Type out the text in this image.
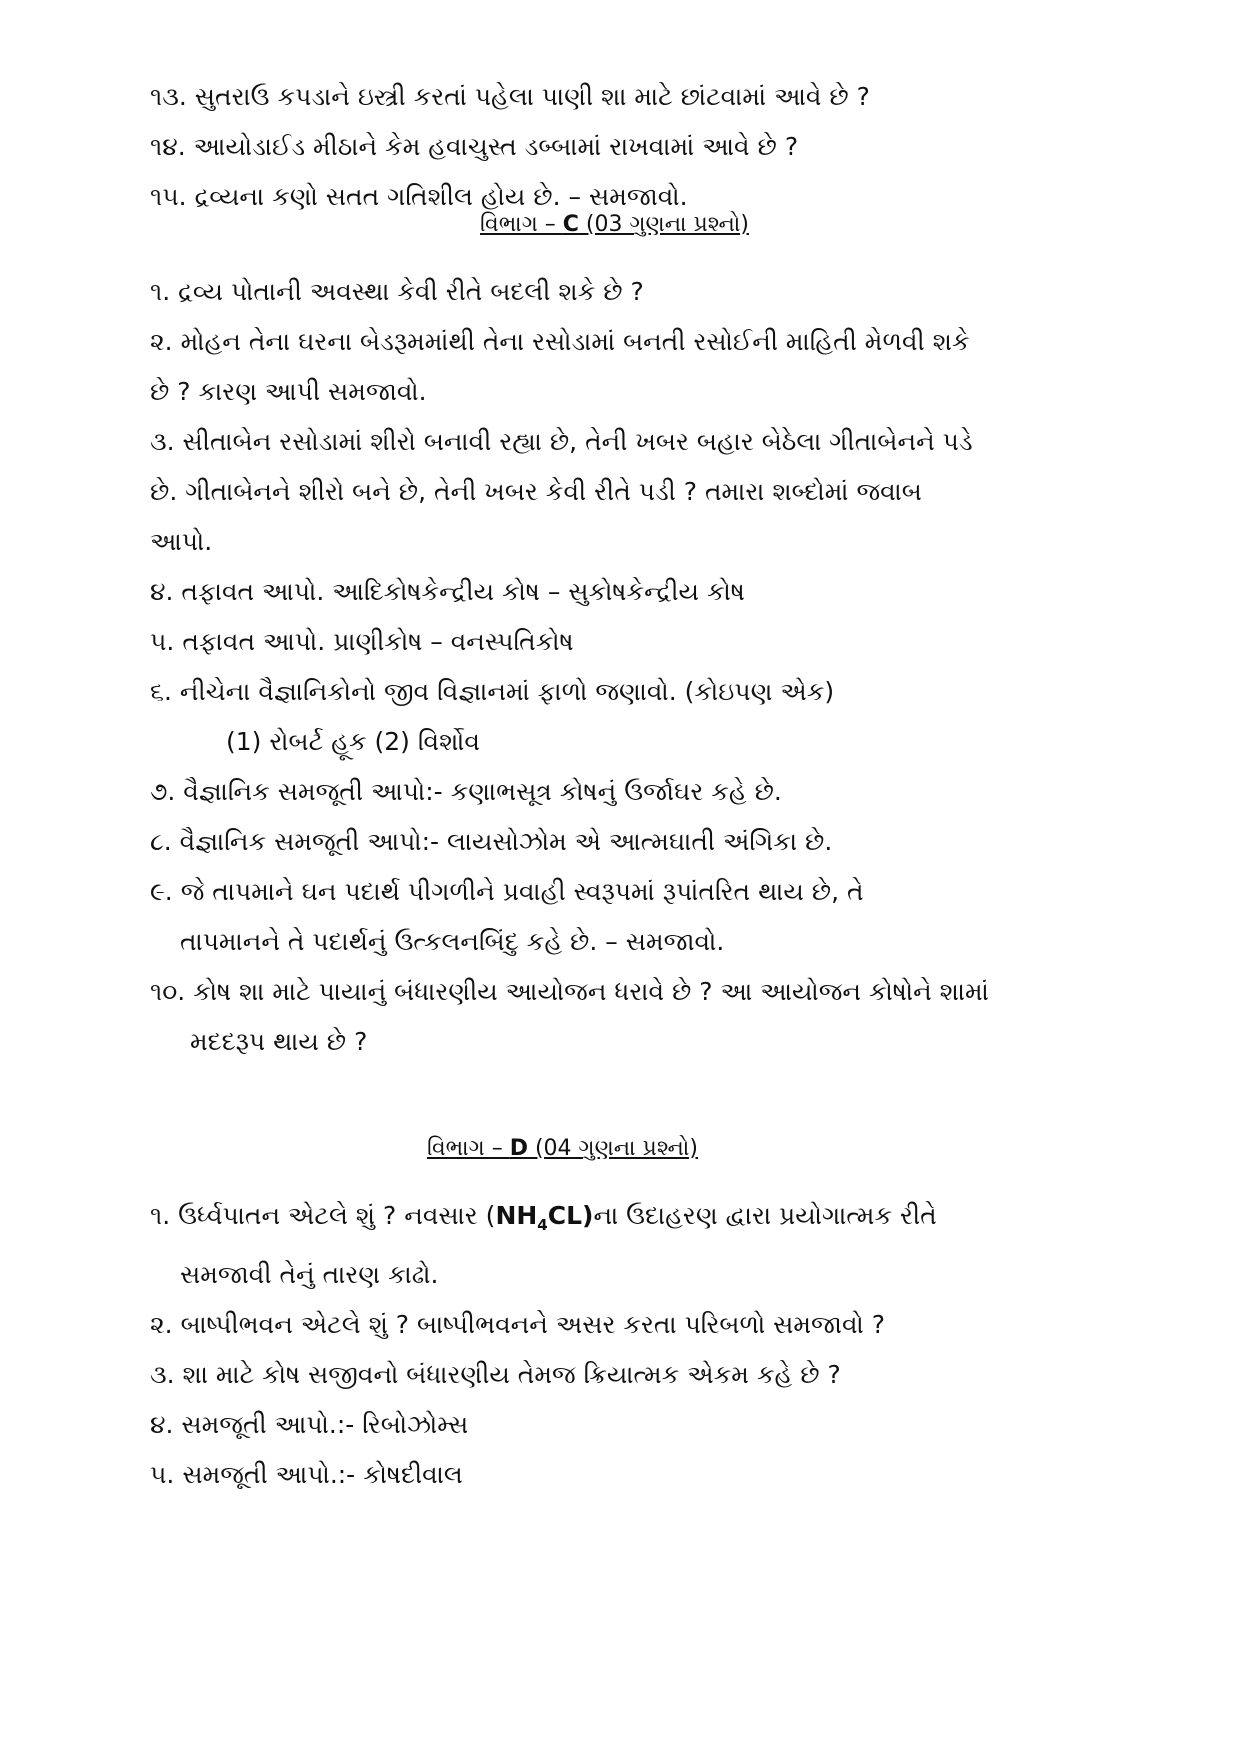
૧૩. સુતરાઉ કપડાને ઇસ્ત્રી કરતાં પહેલા પાણી શા માટે છાંટવામાં આવે છે ?

૧૪. આયોડાઈડ મીઠાને કેમ હવાચુસ્ત ડબ્બામાં રાખવામાં આવે છે ?

૧૫. દ્રવ્યના કણો સતત ગતિશીલ હોય છે. – સમજાવો.

વિભાગ – C (03 ગુણના પ્રશ્નો)

૧. દ્રવ્ય પોતાની અવસ્થા કેવી રીતે બદલી શકે છે ?

૨. મોહન તેના ઘરના બેડરૂમમાંથી તેના રસોડામાં બનતી રસોઈની માહિતી મેળવી શકે

છે ? કારણ આપી સમજાવો.

૩. સીતાબેન રસોડામાં શીરો બનાવી રહ્યા છે, તેની ખબર બહાર બેઠેલા ગીતાબેનને પડે

છે. ગીતાબેનને શીરો બને છે, તેની ખબર કેવી રીતે પડી ? તમારા શબ્દોમાં જવાબ

આપો.

૪. તફાવત આપો. આદિકોષકેન્દ્રીય કોષ – સુકોષકેન્દ્રીય કોષ

૫. તફાવત આપો. પ્રાણીકોષ – વનસ્પતિકોષ

૬. નીચેના વૈજ્ઞાનિકોનો જીવ વિજ્ઞાનમાં ફાળો જણાવો. (કોઇપણ એક)

(1) રોબર્ટ હૂક (2) વિર્શોવ

૭. વૈજ્ઞાનિક સમજૂતી આપો:- કણાભસૂત્ર કોષનું ઉર્જાઘર કહે છે.

૮. વૈજ્ઞાનિક સમજૂતી આપો:- લાયસોઝોમ એ આત્મઘાતી અંગિકા છે.

૯. જે તાપમાને ઘન પદાર્થ પીગળીને પ્રવાહી સ્વરૂપમાં રૂપાંતરિત થાય છે, તે

તાપમાનને તે પદાર્થનું ઉત્કલનબિંદુ કહે છે. – સમજાવો.

૧૦. કોષ શા માટે પાયાનું બંધારણીય આયોજન ધરાવે છે ? આ આયોજન કોષોને શામાં

મદદરૂપ થાય છે ?

વિભાગ – D (04 ગુણના પ્રશ્નો)

૧. ઉર્ધ્વપાતન એટલે શું ? નવસાર $(NH_4CL)ના$ ઉદાહરણ દ્વારા પ્રયોગાત્મક રીતે

સમજાવી તેનું તારણ કાઢો.

૨. બાષ્પીભવન એટલે શું ? બાષ્પીભવનને અસર કરતા પરિબળો સમજાવો ?

૩. શા માટે કોષ સજીવનો બંધારણીય તેમજ ક્રિયાત્મક એકમ કહે છે ?

૪. સમજૂતી આપો.:- રિબોઝોમ્સ

૫. સમજૂતી આપો.:- કોષદીવાલ
